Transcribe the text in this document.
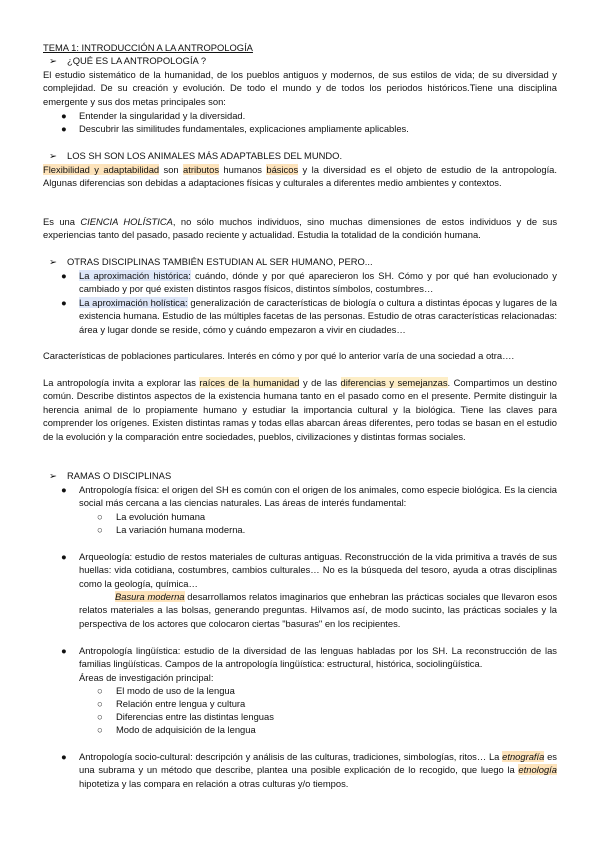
TEMA 1: INTRODUCCIÓN A LA ANTROPOLOGÍA
➢ ¿QUÉ ES LA ANTROPOLOGÍA ?

El estudio sistemático de la humanidad, de los pueblos antiguos y modernos, de sus estilos de vida; de su diversidad y complejidad. De su creación y evolución. De todo el mundo y de todos los periodos históricos.Tiene una disciplina emergente y sus dos metas principales son:

● Entender la singularidad y la diversidad.
● Descubrir las similitudes fundamentales, explicaciones ampliamente aplicables.
➢ LOS SH SON LOS ANIMALES MÁS ADAPTABLES DEL MUNDO.

Flexibilidad y adaptabilidad son atributos humanos básicos y la diversidad es el objeto de estudio de la antropología. Algunas diferencias son debidas a adaptaciones físicas y culturales a diferentes medio ambientes y contextos.

Es una CIENCIA HOLÍSTICA, no sólo muchos individuos, sino muchas dimensiones de estos individuos y de sus experiencias tanto del pasado, pasado reciente y actualidad. Estudia la totalidad de la condición humana.

➢ OTRAS DISCIPLINAS TAMBIÉN ESTUDIAN AL SER HUMANO, PERO...
● La aproximación histórica: cuándo, dónde y por qué aparecieron los SH. Cómo y por qué han evolucionado y cambiado y por qué existen distintos rasgos físicos, distintos símbolos, costumbres…

● La aproximación holística: generalización de características de biología o cultura a distintas épocas y lugares de la existencia humana. Estudio de las múltiples facetas de las personas. Estudio de otras características relacionadas: área y lugar donde se reside, cómo y cuándo empezaron a vivir en ciudades…

Características de poblaciones particulares. Interés en cómo y por qué lo anterior varía de una sociedad a otra….

La antropología invita a explorar las raíces de la humanidad y de las diferencias y semejanzas. Compartimos un destino común. Describe distintos aspectos de la existencia humana tanto en el pasado como en el presente. Permite distinguir la herencia animal de lo propiamente humano y estudiar la importancia cultural y la biológica. Tiene las claves para comprender los orígenes. Existen distintas ramas y todas ellas abarcan áreas diferentes, pero todas se basan en el estudio de la evolución y la comparación entre sociedades, pueblos, civilizaciones y distintas formas sociales.

➢ RAMAS O DISCIPLINAS
● Antropología física: el origen del SH es común con el origen de los animales, como especie biológica. Es la ciencia social más cercana a las ciencias naturales. Las áreas de interés fundamental:

○ La evolución humana
○ La variación humana moderna.
● Arqueología: estudio de restos materiales de culturas antiguas. Reconstrucción de la vida primitiva a través de sus huellas: vida cotidiana, costumbres, cambios culturales… No es la búsqueda del tesoro, ayuda a otras disciplinas como la geología, química…

Basura moderna desarrollamos relatos imaginarios que enhebran las prácticas sociales que llevaron esos relatos materiales a las bolsas, generando preguntas. Hilvamos así, de modo sucinto, las prácticas sociales y la perspectiva de los actores que colocaron ciertas "basuras" en los recipientes.

● Antropología lingüística: estudio de la diversidad de las lenguas habladas por los SH. La reconstrucción de las familias lingüísticas. Campos de la antropología lingüística: estructural, histórica, sociolingüística.

Áreas de investigación principal:
○ El modo de uso de la lengua
○ Relación entre lengua y cultura
○ Diferencias entre las distintas lenguas
○ Modo de adquisición de la lengua
● Antropología socio-cultural: descripción y análisis de las culturas, tradiciones, simbologías, ritos… La etnografía es una subrama y un método que describe, plantea una posible explicación de lo recogido, que luego la etnología hipotetiza y las compara en relación a otras culturas y/o tiempos.
